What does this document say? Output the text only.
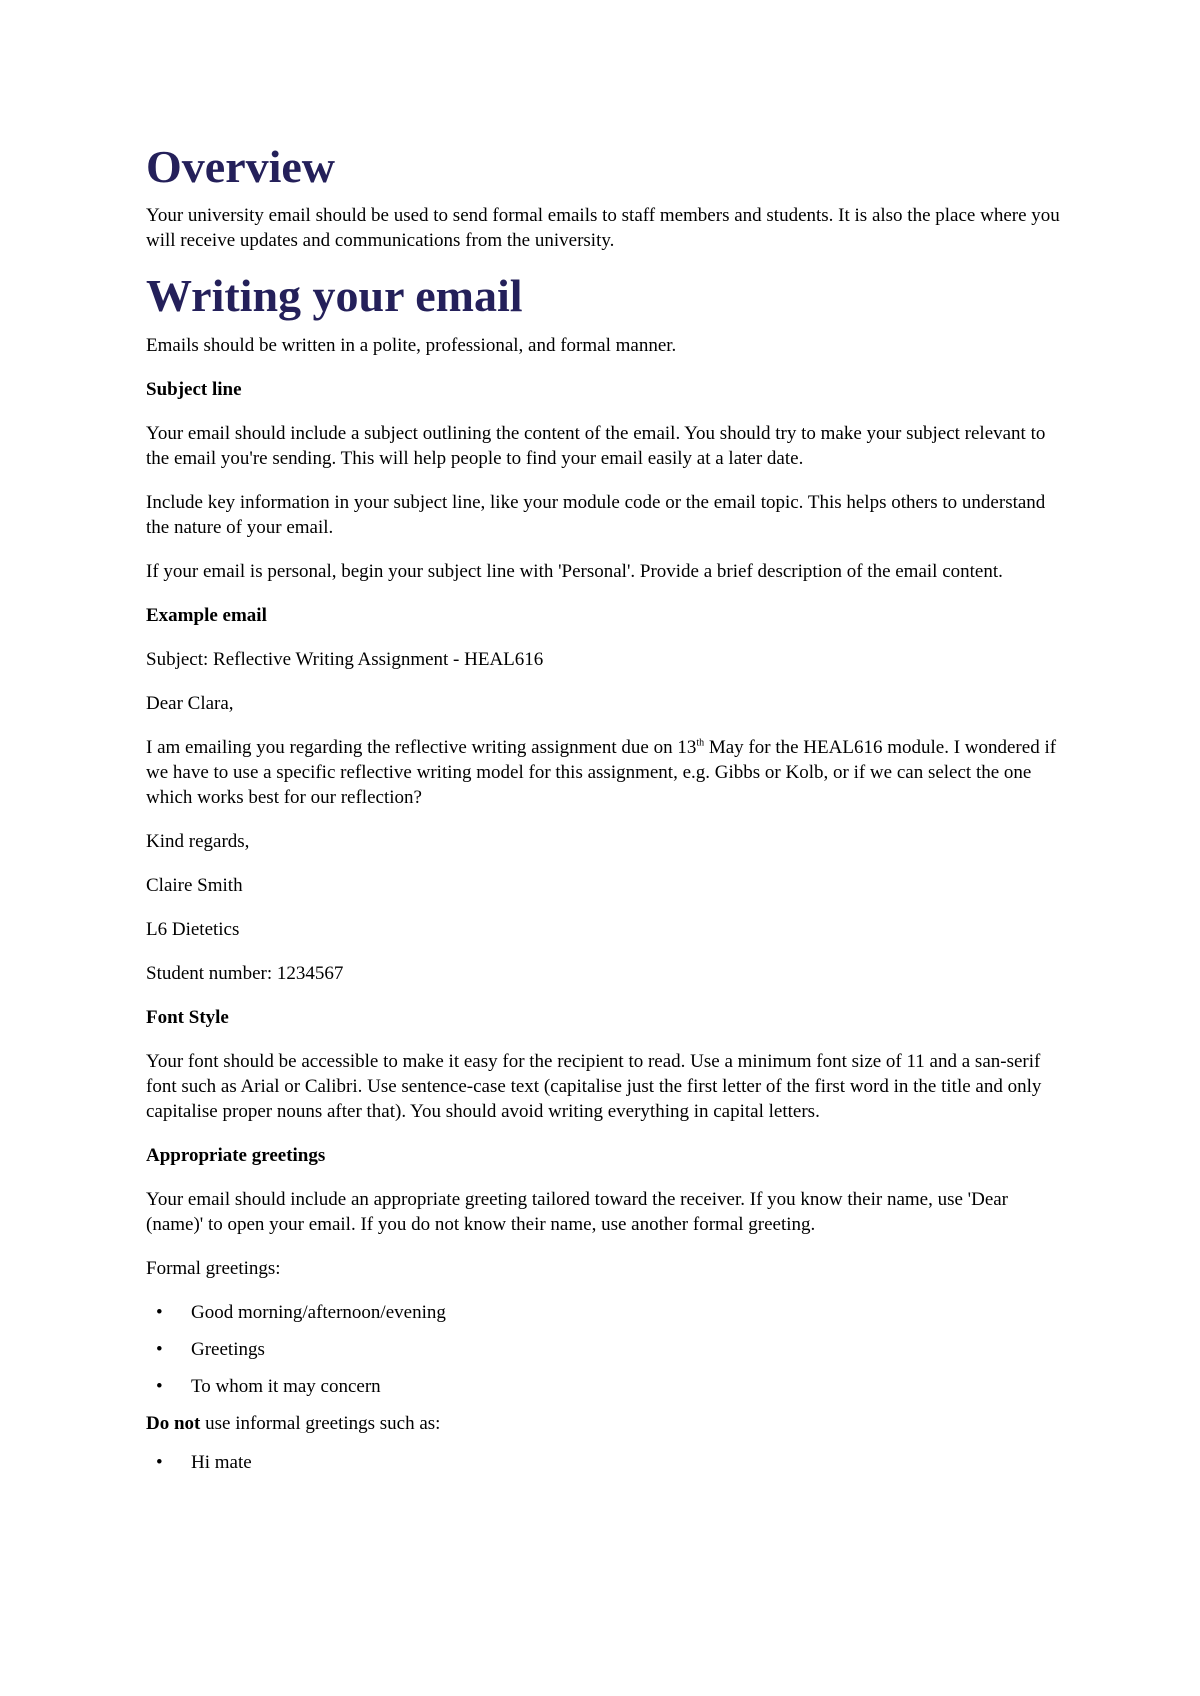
Overview

Your university email should be used to send formal emails to staff members and students. It is also the place where you will receive updates and communications from the university.

Writing your email

Emails should be written in a polite, professional, and formal manner.

Subject line

Your email should include a subject outlining the content of the email. You should try to make your subject relevant to the email you're sending. This will help people to find your email easily at a later date.

Include key information in your subject line, like your module code or the email topic. This helps others to understand the nature of your email.

If your email is personal, begin your subject line with 'Personal'. Provide a brief description of the email content.

Example email

Subject: Reflective Writing Assignment - HEAL616

Dear Clara,

I am emailing you regarding the reflective writing assignment due on 13th May for the HEAL616 module. I wondered if we have to use a specific reflective writing model for this assignment, e.g. Gibbs or Kolb, or if we can select the one which works best for our reflection?

Kind regards,

Claire Smith

L6 Dietetics

Student number: 1234567

Font Style

Your font should be accessible to make it easy for the recipient to read. Use a minimum font size of 11 and a san-serif font such as Arial or Calibri. Use sentence-case text (capitalise just the first letter of the first word in the title and only capitalise proper nouns after that). You should avoid writing everything in capital letters.

Appropriate greetings

Your email should include an appropriate greeting tailored toward the receiver. If you know their name, use 'Dear (name)' to open your email. If you do not know their name, use another formal greeting.

Formal greetings:

• Good morning/afternoon/evening
• Greetings
• To whom it may concern

Do not use informal greetings such as:

• Hi mate
